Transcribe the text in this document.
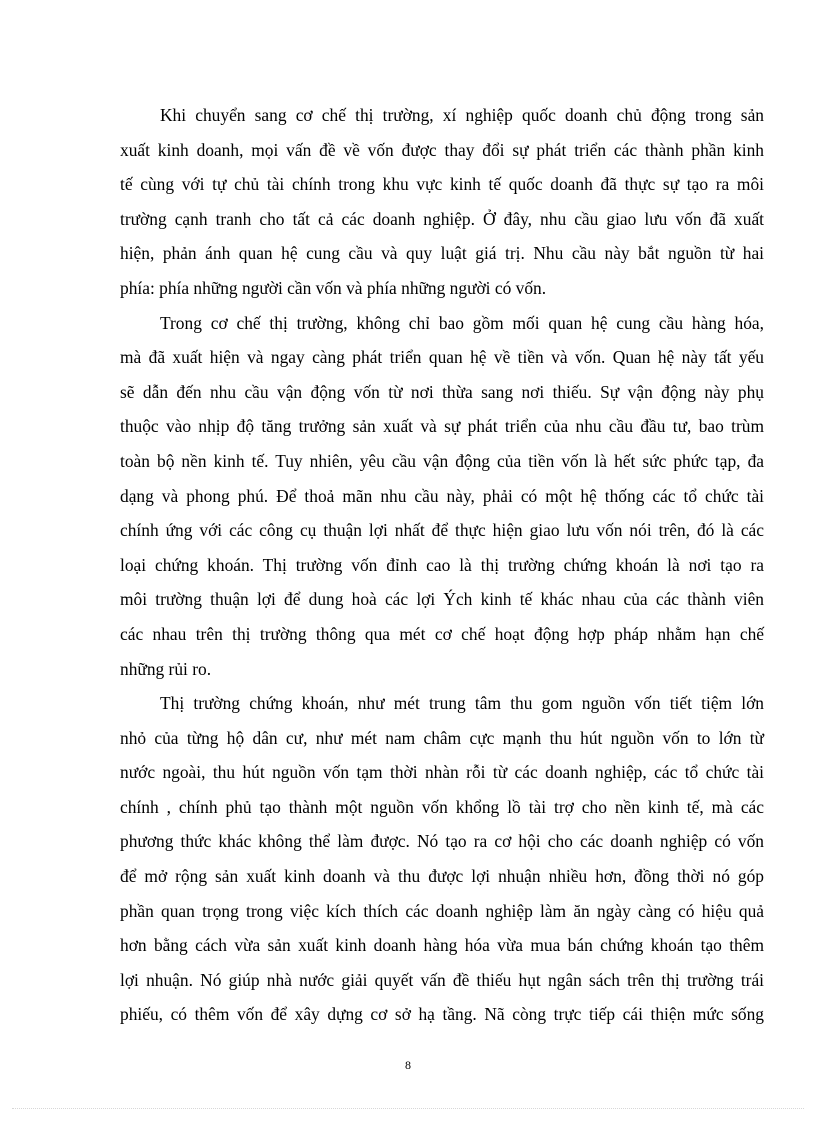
Khi chuyển sang cơ chế thị trường, xí nghiệp quốc doanh chủ động trong sản
xuất kinh doanh, mọi vấn đề về vốn được thay đổi sự phát triển các thành phần kinh
tế cùng với tự chủ tài chính trong khu vực kinh tế quốc doanh đã thực sự tạo ra môi
trường cạnh tranh cho tất cả các doanh nghiệp. Ở đây, nhu cầu giao lưu vốn đã xuất
hiện, phản ánh quan hệ cung cầu và quy luật giá trị. Nhu cầu này bắt nguồn từ hai
phía: phía những người cần vốn và phía những người có vốn.
Trong cơ chế thị trường, không chỉ bao gồm mối quan hệ cung cầu hàng hóa,
mà đã xuất hiện và ngay càng phát triển quan hệ về tiền và vốn. Quan hệ này tất yếu
sẽ dẫn đến nhu cầu vận động vốn từ nơi thừa sang nơi thiếu. Sự vận động này phụ
thuộc vào nhịp độ tăng trưởng sản xuất và sự phát triển của nhu cầu đầu tư, bao trùm
toàn bộ nền kinh tế. Tuy nhiên, yêu cầu vận động của tiền vốn là hết sức phức tạp, đa
dạng và phong phú. Để thoả mãn nhu cầu này, phải có một hệ thống các tổ chức tài
chính ứng với các công cụ thuận lợi nhất để thực hiện giao lưu vốn nói trên, đó là các
loại chứng khoán. Thị trường vốn đỉnh cao là thị trường chứng khoán là nơi tạo ra
môi trường thuận lợi để dung hoà các lợi Ých kinh tế khác nhau của các thành viên
các nhau trên thị trường thông qua mét cơ chế hoạt động hợp pháp nhằm hạn chế
những rủi ro.
Thị trường chứng khoán, như mét trung tâm thu gom nguồn vốn tiết tiệm lớn
nhỏ của từng hộ dân cư, như mét nam châm cực mạnh thu hút nguồn vốn to lớn từ
nước ngoài, thu hút nguồn vốn tạm thời nhàn rỗi từ các doanh nghiệp, các tổ chức tài
chính , chính phủ tạo thành một nguồn vốn khổng lồ tài trợ cho nền kinh tế, mà các
phương thức khác không thể làm được. Nó tạo ra cơ hội cho các doanh nghiệp có vốn
để mở rộng sản xuất kinh doanh và thu được lợi nhuận nhiều hơn, đồng thời nó góp
phần quan trọng trong việc kích thích các doanh nghiệp làm ăn ngày càng có hiệu quả
hơn bằng cách vừa sản xuất kinh doanh hàng hóa vừa mua bán chứng khoán tạo thêm
lợi nhuận. Nó giúp nhà nước giải quyết vấn đề thiếu hụt ngân sách trên thị trường trái
phiếu, có thêm vốn để xây dựng cơ sở hạ tầng. Nã còng trực tiếp cái thiện mức sống
8
